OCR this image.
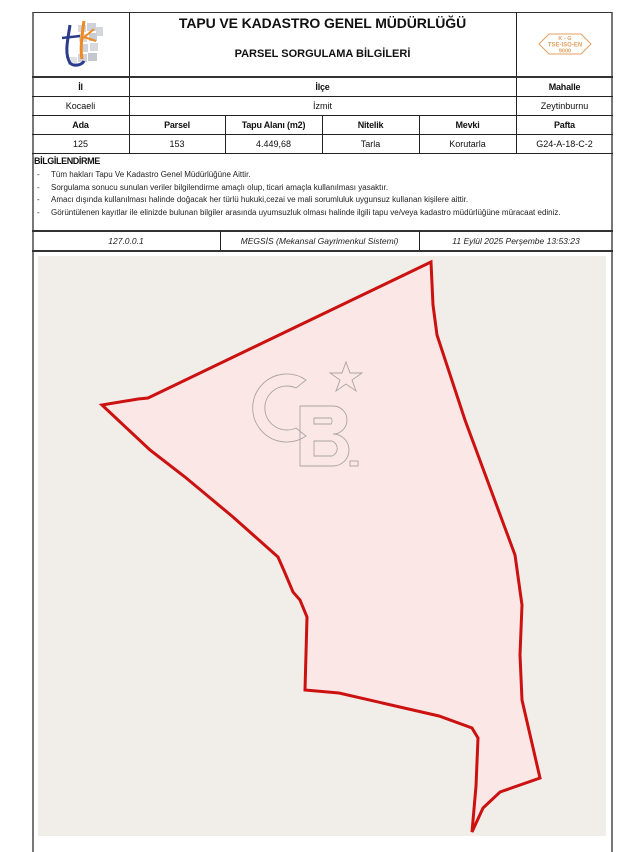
TAPU VE KADASTRO GENEL MÜDÜRLÜĞÜ
PARSEL SORGULAMA BİLGİLERİ
K - G
TSE-ISO-EN
9000
İl	İlçe	Mahalle
Kocaeli	İzmit	Zeytinburnu
Ada	Parsel	Tapu Alanı (m2)	Nitelik	Mevki	Pafta
125	153	4.449,68	Tarla	Korutarla	G24-A-18-C-2
BİLGİLENDİRME
- Tüm hakları Tapu Ve Kadastro Genel Müdürlüğüne Aittir.
- Sorgulama sonucu sunulan veriler bilgilendirme amaçlı olup, ticari amaçla kullanılması yasaktır.
- Amacı dışında kullanılması halinde doğacak her türlü hukuki,cezai ve mali sorumluluk uygunsuz kullanan kişilere aittir.
- Görüntülenen kayıtlar ile elinizde bulunan bilgiler arasında uyumsuzluk olması halinde ilgili tapu ve/veya kadastro müdürlüğüne müracaat ediniz.
127.0.0.1	MEGSİS (Mekansal Gayrimenkul Sistemi)	11 Eylül 2025 Perşembe 13:53:23
